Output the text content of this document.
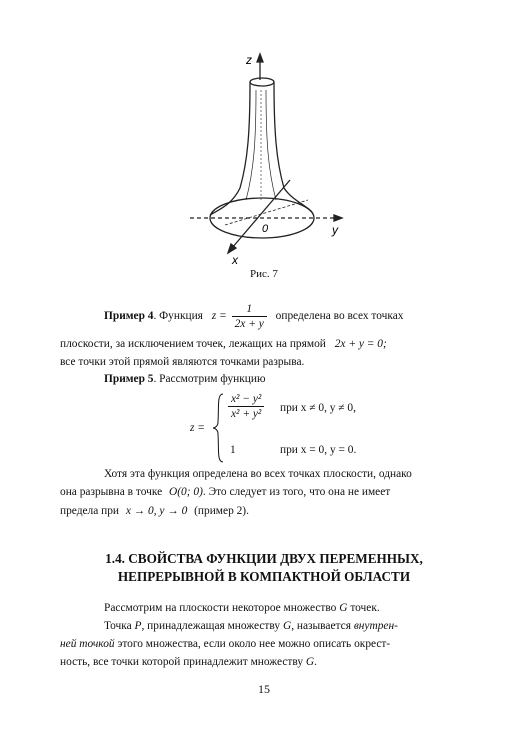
z
y
x
0
Рис. 7
Пример 4. Функция $z = \frac{1}{2x + y}$ определена во всех точках
плоскости, за исключением точек, лежащих на прямой 2x + y = 0;
все точки этой прямой являются точками разрыва.
Пример 5. Рассмотрим функцию
z =
$\frac{\text{x² − y²}}{\text{x² + y²}}$ при x ≠ 0, y ≠ 0,
1	при x = 0, y = 0.
Хотя эта функция определена во всех точках плоскости, однако
она разрывна в точке O(0; 0). Это следует из того, что она не имеет
предела при x → 0, y → 0 (пример 2).
1.4. СВОЙСТВА ФУНКЦИИ ДВУХ ПЕРЕМЕННЫХ,
НЕПРЕРЫВНОЙ В КОМПАКТНОЙ ОБЛАСТИ
Рассмотрим на плоскости некоторое множество G точек.
Точка P, принадлежащая множеству G, называется внутрен-
ней точкой этого множества, если около нее можно описать окрест-
ность, все точки которой принадлежит множеству G.
15
